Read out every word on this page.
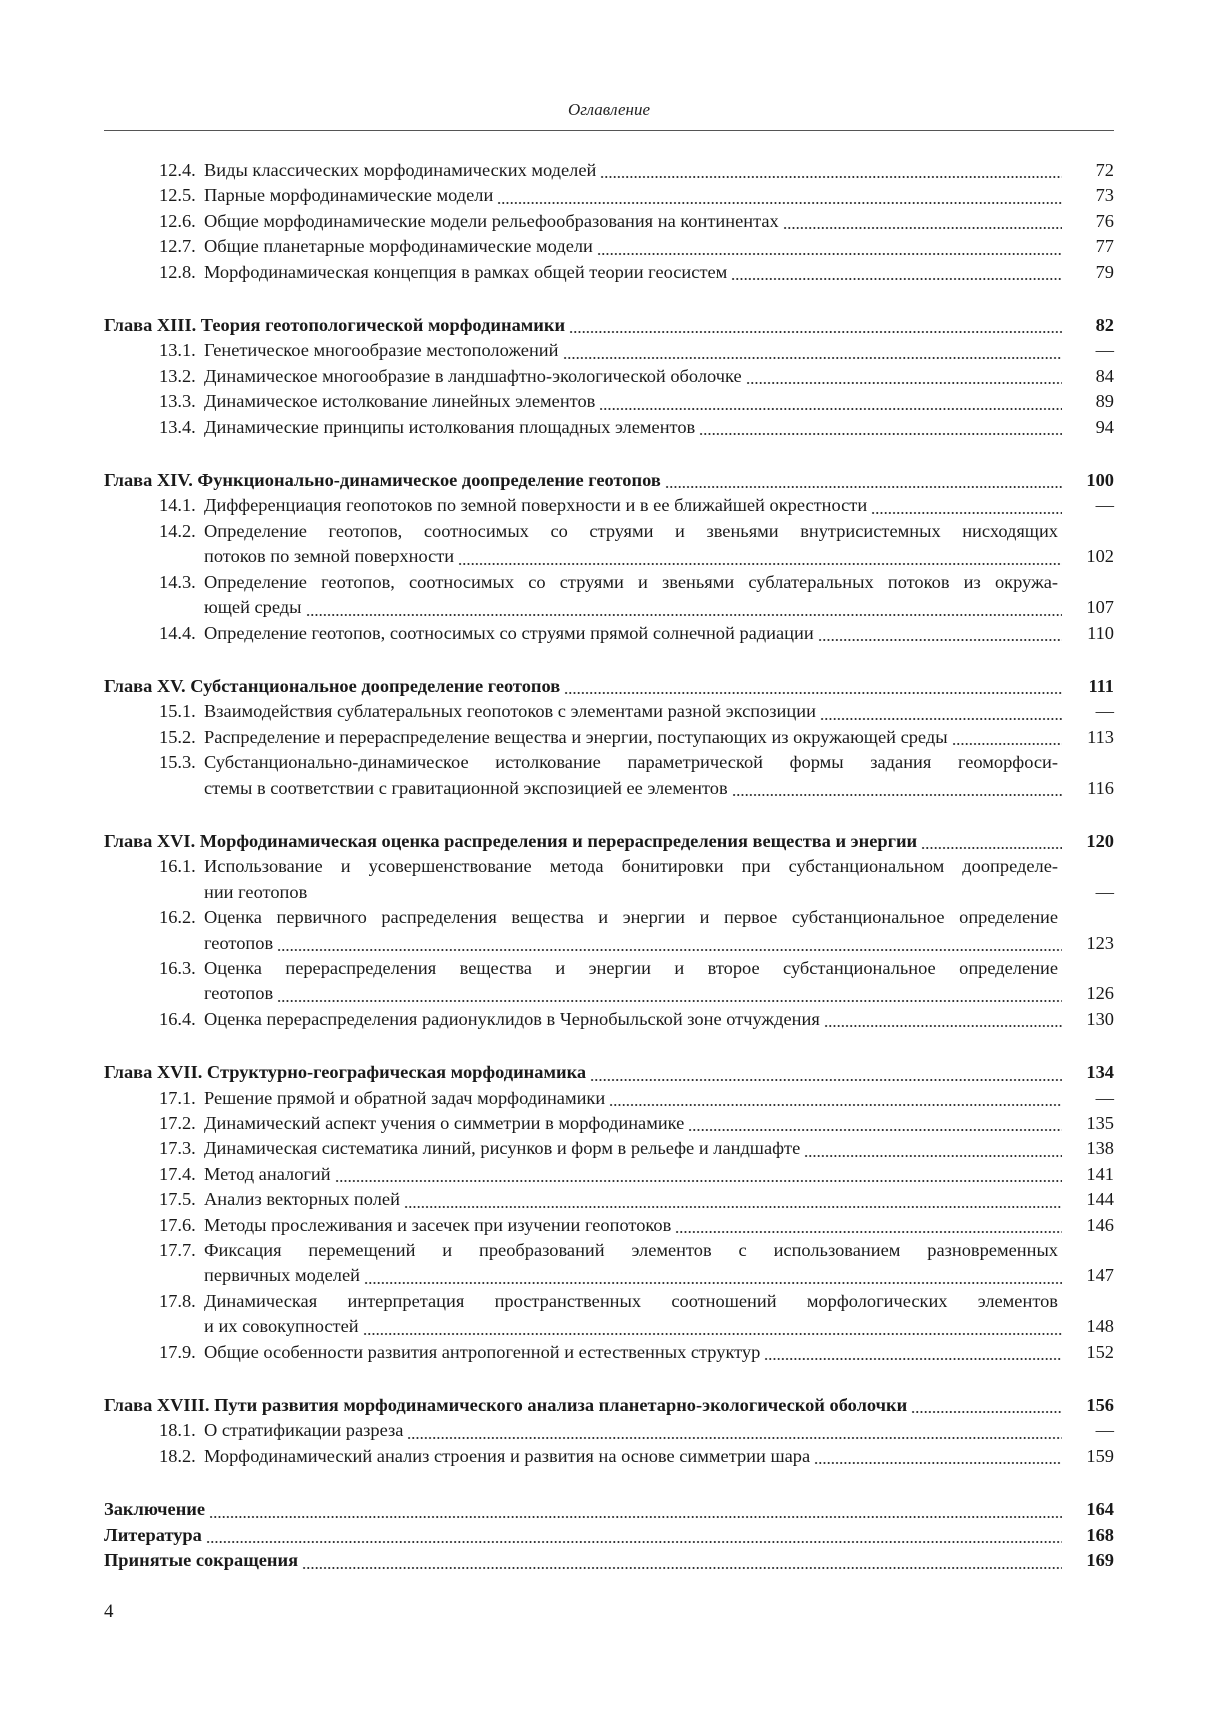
Оглавление
12.4. Виды классических морфодинамических моделей	72
12.5. Парные морфодинамические модели	73
12.6. Общие морфодинамические модели рельефообразования на континентах	76
12.7. Общие планетарные морфодинамические модели	77
12.8. Морфодинамическая концепция в рамках общей теории геосистем	79
Глава XIII. Теория геотопологической морфодинамики	82
13.1. Генетическое многообразие местоположений	—
13.2. Динамическое многообразие в ландшафтно-экологической оболочке	84
13.3. Динамическое истолкование линейных элементов	89
13.4. Динамические принципы истолкования площадных элементов	94
Глава XIV. Функционально-динамическое доопределение геотопов	100
14.1. Дифференциация геопотоков по земной поверхности и в ее ближайшей окрестности	—
14.2. Определение геотопов, соотносимых со струями и звеньями внутрисистемных нисходящих
потоков по земной поверхности	102
14.3. Определение геотопов, соотносимых со струями и звеньями сублатеральных потоков из окружа-
ющей среды	107
14.4. Определение геотопов, соотносимых со струями прямой солнечной радиации	110
Глава XV. Субстанциональное доопределение геотопов	111
15.1. Взаимодействия сублатеральных геопотоков с элементами разной экспозиции	—
15.2. Распределение и перераспределение вещества и энергии, поступающих из окружающей среды	113
15.3. Субстанционально-динамическое истолкование параметрической формы задания геоморфоси-
стемы в соответствии с гравитационной экспозицией ее элементов	116
Глава XVI. Морфодинамическая оценка распределения и перераспределения вещества и энергии	120
16.1. Использование и усовершенствование метода бонитировки при субстанциональном доопределе-
нии геотопов	—
16.2. Оценка первичного распределения вещества и энергии и первое субстанциональное определение
геотопов	123
16.3. Оценка перераспределения вещества и энергии и второе субстанциональное определение
геотопов	126
16.4. Оценка перераспределения радионуклидов в Чернобыльской зоне отчуждения	130
Глава XVII. Структурно-географическая морфодинамика	134
17.1. Решение прямой и обратной задач морфодинамики	—
17.2. Динамический аспект учения о симметрии в морфодинамике	135
17.3. Динамическая систематика линий, рисунков и форм в рельефе и ландшафте	138
17.4. Метод аналогий	141
17.5. Анализ векторных полей	144
17.6. Методы прослеживания и засечек при изучении геопотоков	146
17.7. Фиксация перемещений и преобразований элементов с использованием разновременных
первичных моделей	147
17.8. Динамическая интерпретация пространственных соотношений морфологических элементов
и их совокупностей	148
17.9. Общие особенности развития антропогенной и естественных структур	152
Глава XVIII. Пути развития морфодинамического анализа планетарно-экологической оболочки	156
18.1. О стратификации разреза	—
18.2. Морфодинамический анализ строения и развития на основе симметрии шара	159
Заключение	164
Литература	168
Принятые сокращения	169
4
